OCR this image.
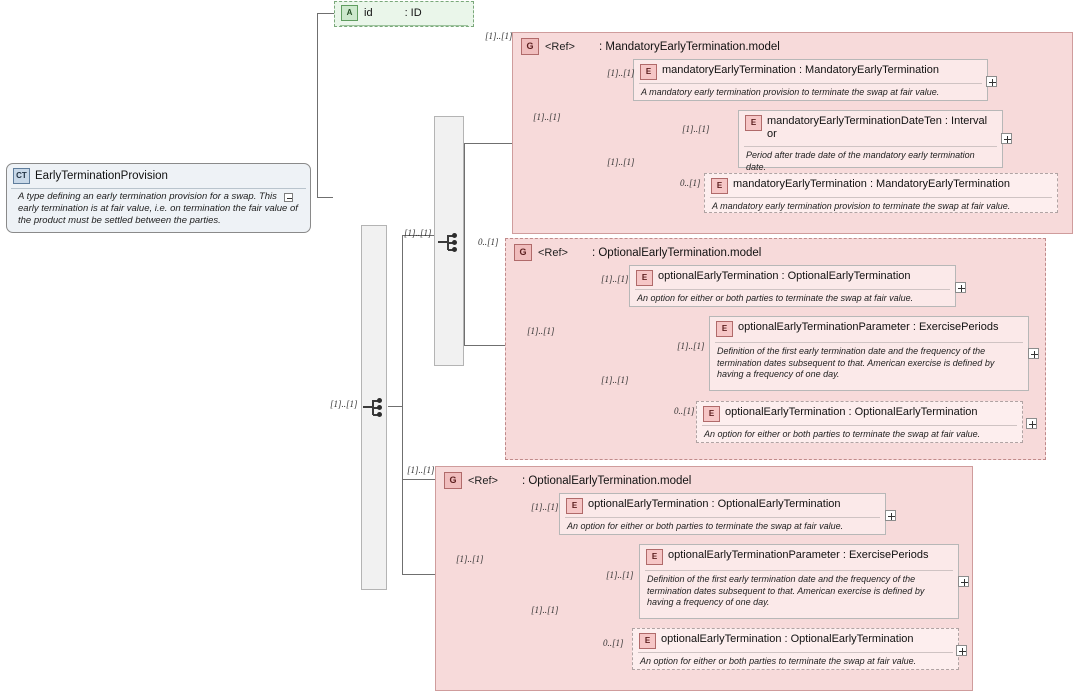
CT EarlyTerminationProvision
A type defining an early termination provision for a swap. This early termination is at fair value, i.e. on termination the fair value of the product must be settled between the parties.
A	id	: ID
G	<Ref> : MandatoryEarlyTermination.model
E mandatoryEarlyTermination : MandatoryEarlyTermination
A mandatory early termination provision to terminate the swap at fair value.
E mandatoryEarlyTerminationDateTen : Interval or
Period after trade date of the mandatory early termination date.
E mandatoryEarlyTermination : MandatoryEarlyTermination
A mandatory early termination provision to terminate the swap at fair value.
G	<Ref> : OptionalEarlyTermination.model
E optionalEarlyTermination : OptionalEarlyTermination
An option for either or both parties to terminate the swap at fair value.
E optionalEarlyTerminationParameter : ExercisePeriods
Definition of the first early termination date and the frequency of the termination dates subsequent to that. American exercise is defined by having a frequency of one day.
E optionalEarlyTermination : OptionalEarlyTermination
An option for either or both parties to terminate the swap at fair value.
G	<Ref> : OptionalEarlyTermination.model
E optionalEarlyTermination : OptionalEarlyTermination
An option for either or both parties to terminate the swap at fair value.
E optionalEarlyTerminationParameter : ExercisePeriods
Definition of the first early termination date and the frequency of the termination dates subsequent to that. American exercise is defined by having a frequency of one day.
E optionalEarlyTermination : OptionalEarlyTermination
An option for either or both parties to terminate the swap at fair value.
[1]..[1]
[1]..[1]
[1]..[1]
[1]..[1]
[1]..[1]
0..[1]
[1]..[1]
0..[1]
[1]..[1]
[1]..[1]
[1]..[1]
[1]..[1]
0..[1]
[1]..[1]
[1]..[1]
[1]..[1]
[1]..[1]
[1]..[1]
[1]..[1]
0..[1]
